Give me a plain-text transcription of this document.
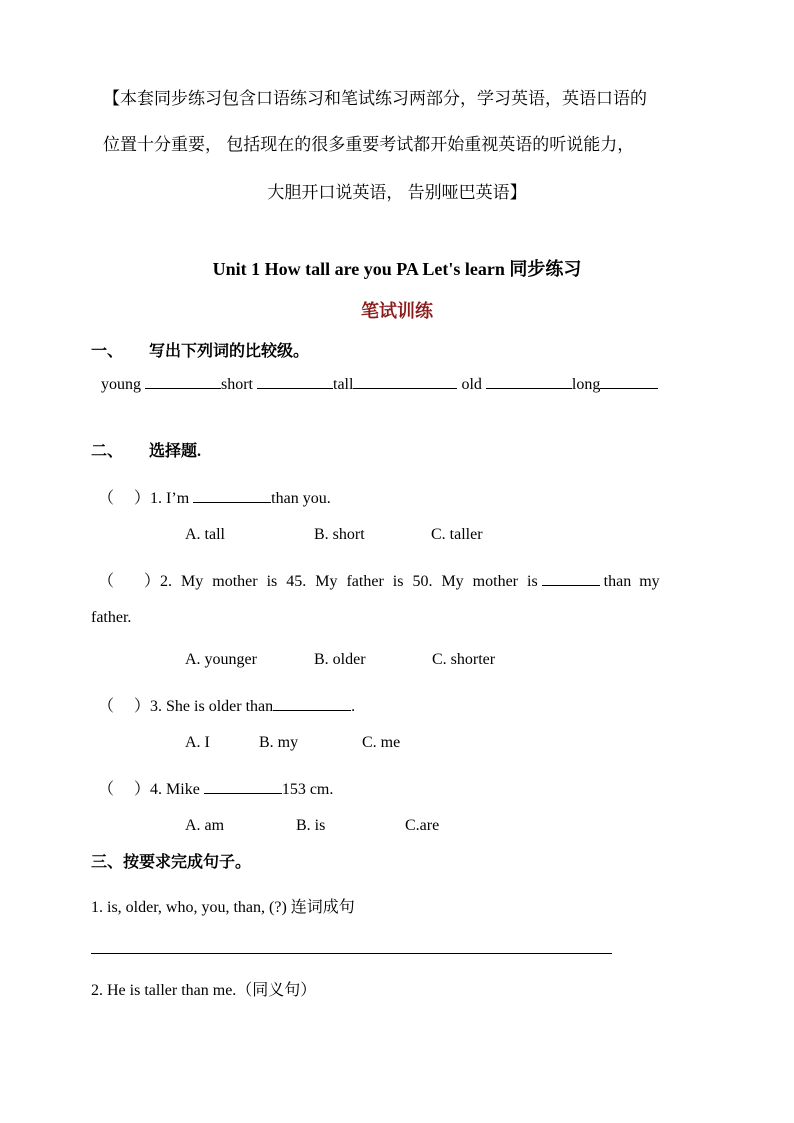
【本套同步练习包含口语练习和笔试练习两部分，学习英语，英语口语的
位置十分重要， 包括现在的很多重要考试都开始重视英语的听说能力，
大胆开口说英语， 告别哑巴英语】
Unit 1 How tall are you PA Let's learn 同步练习
笔试训练
一、 写出下列词的比较级。
young	short	tall	old	long
二、 选择题.
（ ）1. I’m	than you.
A. tall	B. short	C. taller
（ ）2. My mother is 45. My father is 50. My mother is	than my
father.
A. younger	B. older	C. shorter
（ ）3. She is older than	.
A. I	B. my	C. me
（ ）4. Mike	153 cm.
A. am	B. is	C.are
三、按要求完成句子。
1. is, older, who, you, than, (?) 连词成句
2. He is taller than me.（同义句）
